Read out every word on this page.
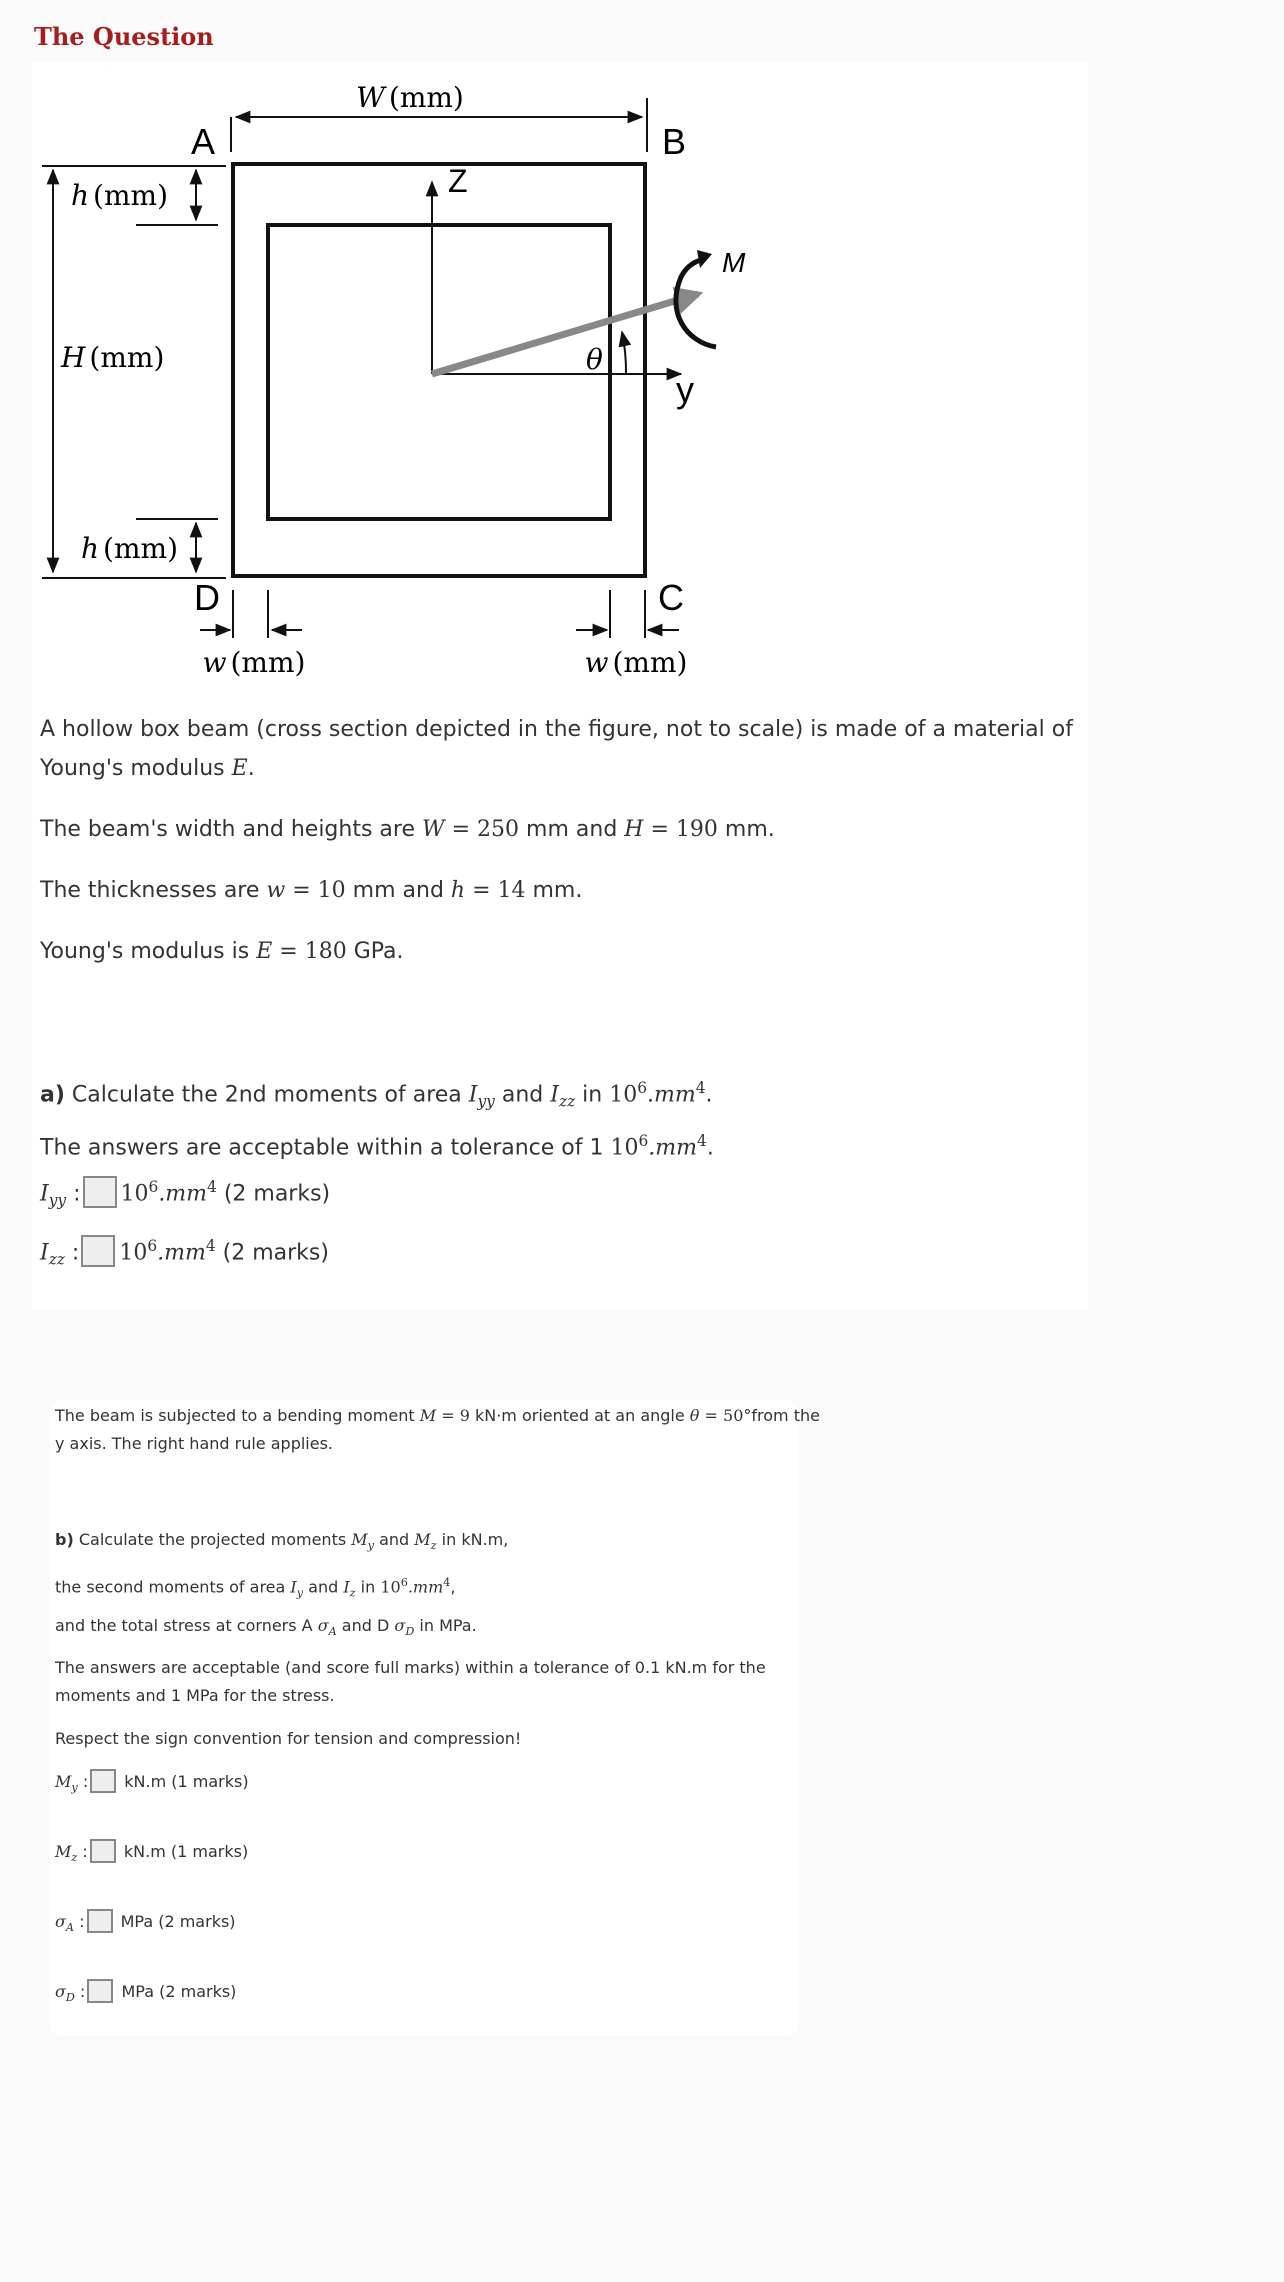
The Question
W (mm)
h (mm)
H (mm)
h (mm)
w (mm)	w (mm)
A	B
C
D
Z
y
θ
M
A hollow box beam (cross section depicted in the figure, not to scale) is made of a material of
Young's modulus E.
The beam's width and heights are W = 250 mm and H = 190 mm.
The thicknesses are w = 10 mm and h = 14 mm.
Young's modulus is E = 180 GPa.
a) Calculate the 2nd moments of area $I_{yy}$ and $I_{zz}$ in $10^6.mm^4$.
The answers are acceptable within a tolerance of 1 $10^6.mm^4$.
$I_{yy}$ : $10^6.mm^4$ (2 marks)
$I_{zz}$ : $10^6.mm^4$ (2 marks)
The beam is subjected to a bending moment M = 9 kN·m oriented at an angle θ = 50°from the
y axis. The right hand rule applies.
b) Calculate the projected moments $M_y$ and $M_z$ in kN.m,
the second moments of area $I_y$ and $I_z$ in $10^6.mm^4$,
and the total stress at corners A $\sigma_A$ and D $\sigma_D$ in MPa.
The answers are acceptable (and score full marks) within a tolerance of 0.1 kN.m for the
moments and 1 MPa for the stress.
Respect the sign convention for tension and compression!
$M_y$ : kN.m (1 marks)
$M_z$ : kN.m (1 marks)
$\sigma_A$ : MPa (2 marks)
$\sigma_D$ : MPa (2 marks)
